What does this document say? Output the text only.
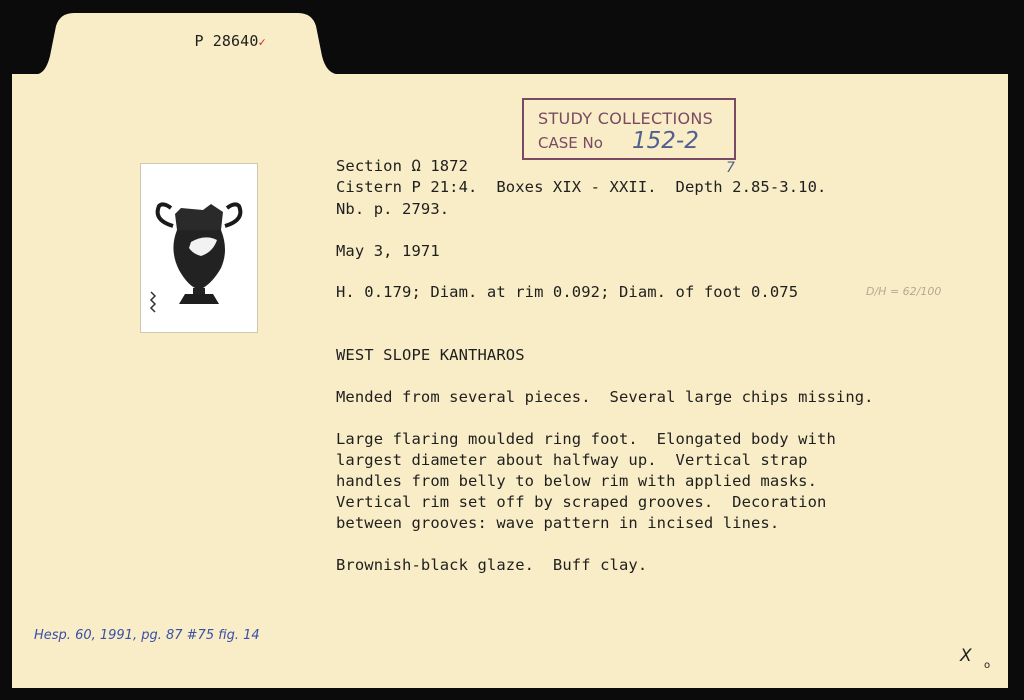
P 28640✓

STUDY COLLECTIONS
CASE No 152-2
7
Section Ω 1872
Cistern P 21:4.  Boxes XIX - XXII.  Depth 2.85-3.10.
Nb. p. 2793.
May 3, 1971
H. 0.179; Diam. at rim 0.092; Diam. of foot 0.075	D/H = 62/100
WEST SLOPE KANTHAROS
Mended from several pieces.  Several large chips missing.
Large flaring moulded ring foot.  Elongated body with
largest diameter about halfway up.  Vertical strap
handles from belly to below rim with applied masks.
Vertical rim set off by scraped grooves.  Decoration
between grooves: wave pattern in incised lines.
Brownish-black glaze.  Buff clay.
Hesp. 60, 1991, pg. 87 #75 fig. 14
X o
